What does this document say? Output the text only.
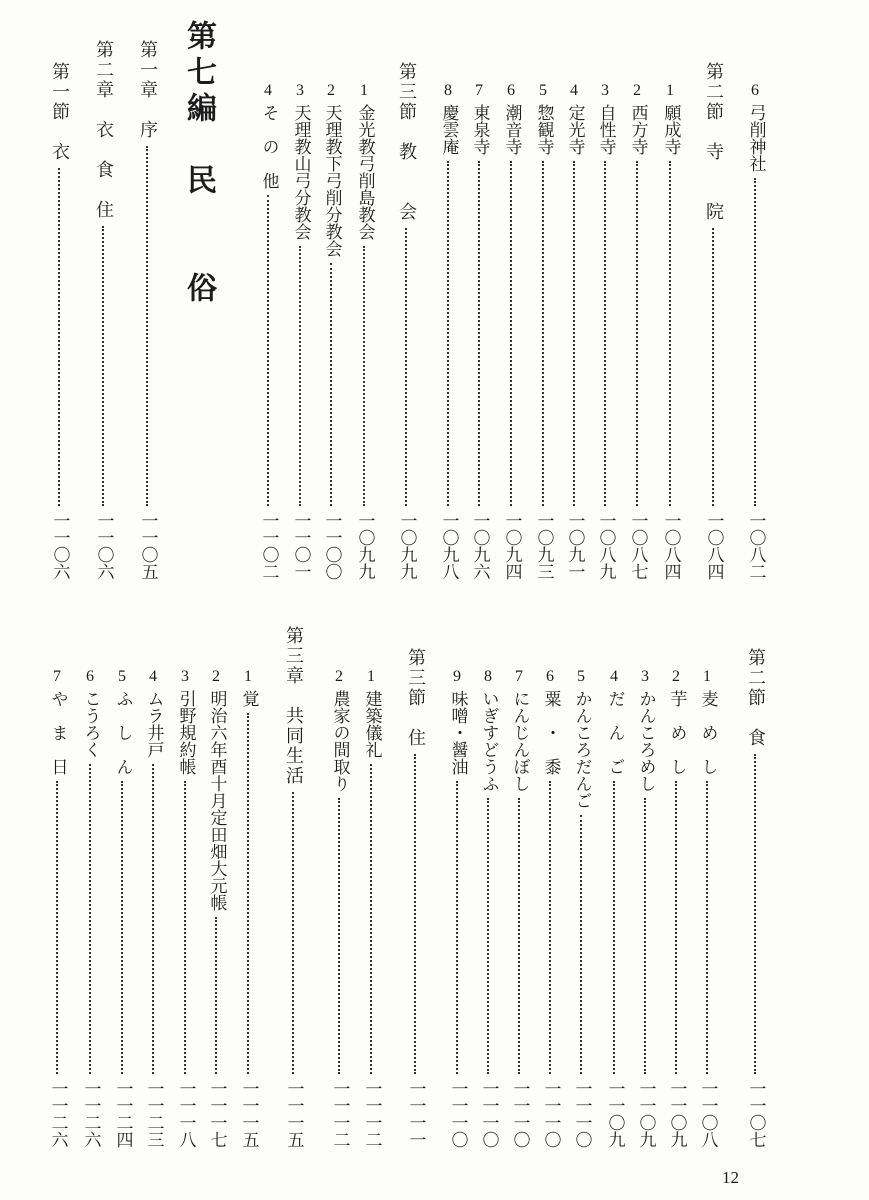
6
弓削神社
一〇八二
第二節　寺　　院
一〇八四
1
願成寺
一〇八四
2
西方寺
一〇八七
3
自性寺
一〇八九
4
定光寺
一〇九一
5
惣観寺
一〇九三
6
潮音寺
一〇九四
7
東泉寺
一〇九六
8
慶雲庵
一〇九八
第三節　教　　会
一〇九九
1
金光教弓削島教会
一〇九九
2
天理教下弓削分教会
一一〇〇
3
天理教山弓分教会
一一〇一
4
そ　の　他
一一〇二
第七編　民　　俗
第一章　序
一一〇五
第二章　衣　食　住
一一〇六
第一節　衣
一一〇六
第二節　食
一一〇七
1
麦　め　し
一一〇八
2
芋　め　し
一一〇九
3
かんころめし
一一〇九
4
だ　ん　ご
一一〇九
5
かんころだんご
一一一〇
6
粟　・　黍
一一一〇
7
にんじんぼし
一一一〇
8
いぎすどうふ
一一一〇
9
味噌・醤油
一一一〇
第三節　住
一一一一
1
建築儀礼
一一一二
2
農家の間取り
一一一二
第三章　共同生活
一一一五
1
覚
一一一五
2
明治六年酉十月定田畑大元帳
一一一七
3
引野規約帳
一一一八
4
ムラ井戸
一一二三
5
ふ　し　ん
一一二四
6
こうろく
一一二六
7
や　ま　日
一一二六
12
